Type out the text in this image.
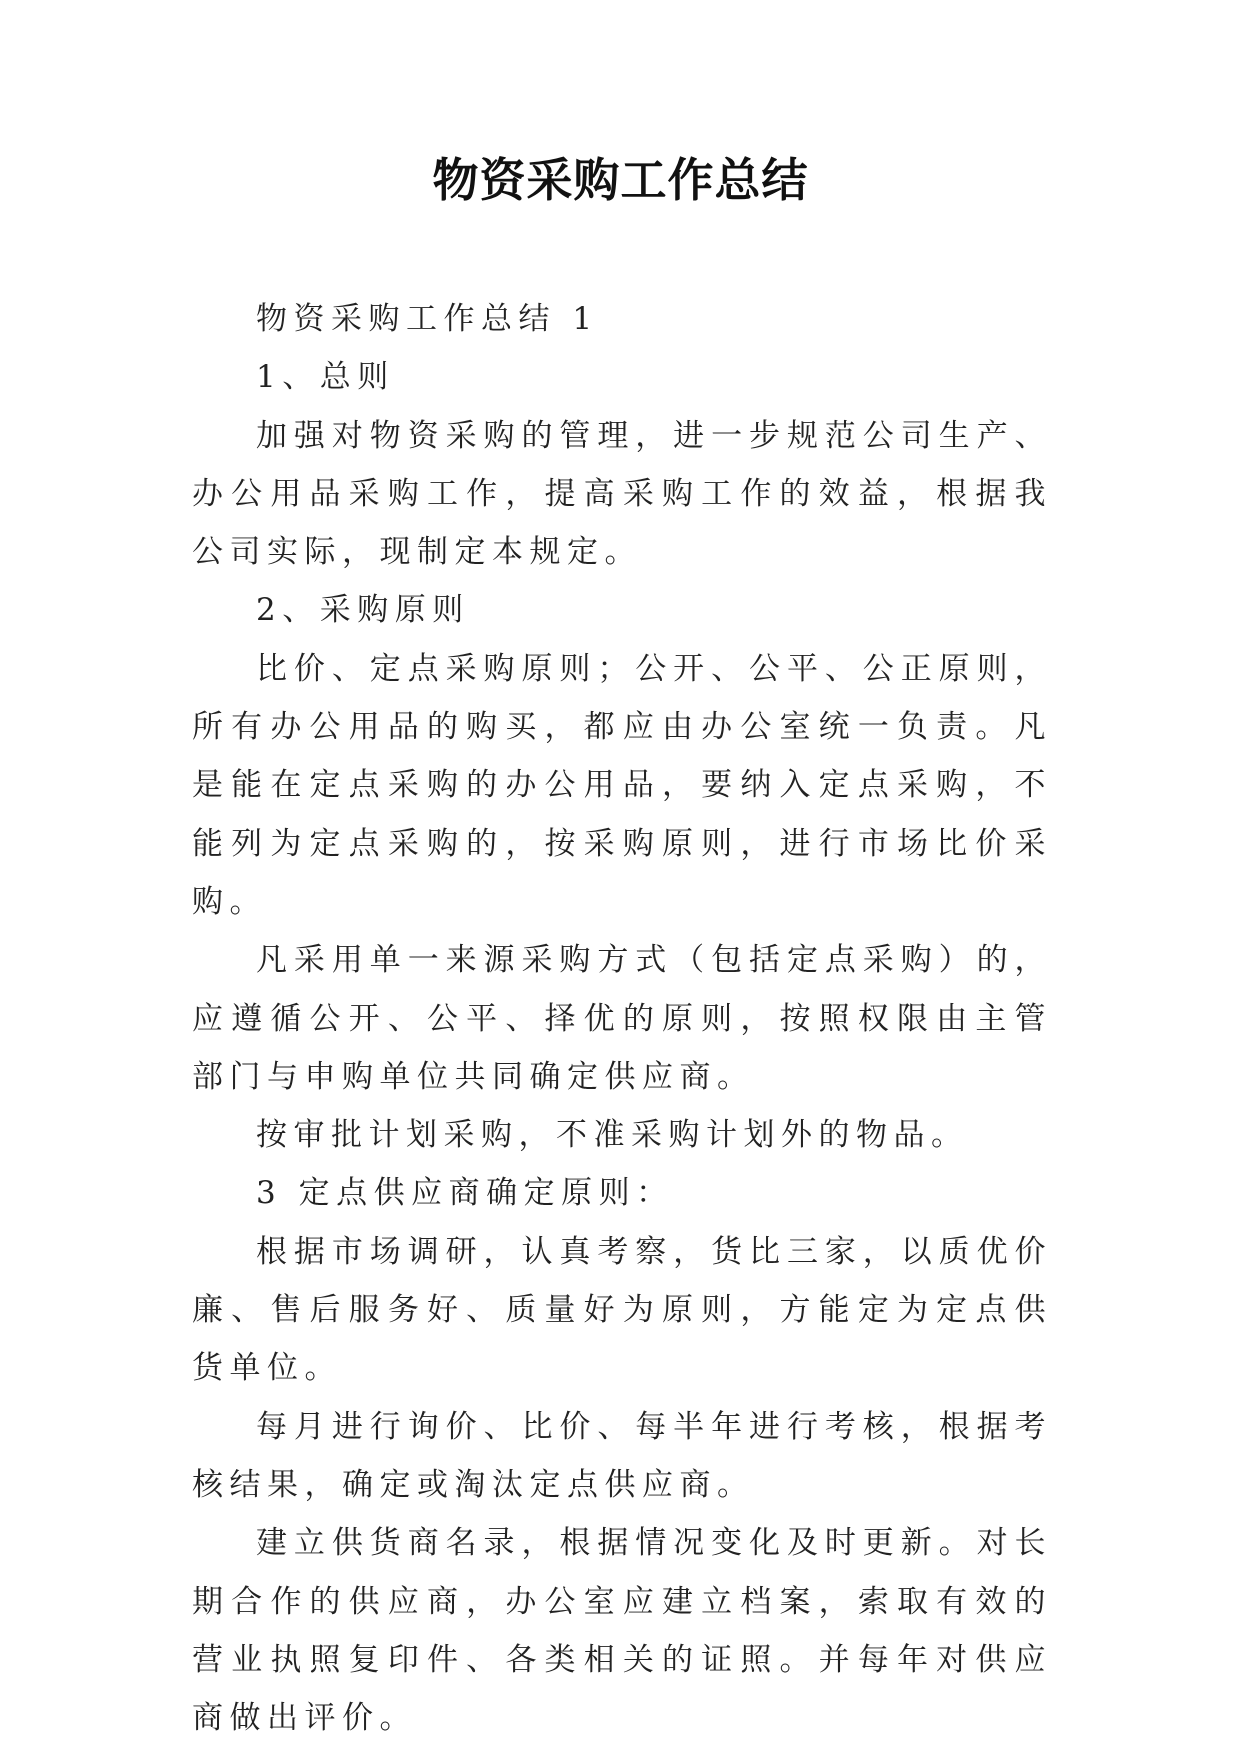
物资采购工作总结

物资采购工作总结 1

1、总则

加强对物资采购的管理，进一步规范公司生产、办公用品采购工作，提高采购工作的效益，根据我公司实际，现制定本规定。

2、采购原则

比价、定点采购原则；公开、公平、公正原则，所有办公用品的购买，都应由办公室统一负责。凡是能在定点采购的办公用品，要纳入定点采购，不能列为定点采购的，按采购原则，进行市场比价采购。

凡采用单一来源采购方式（包括定点采购）的，应遵循公开、公平、择优的原则，按照权限由主管部门与申购单位共同确定供应商。

按审批计划采购，不准采购计划外的物品。

3 定点供应商确定原则：

根据市场调研，认真考察，货比三家，以质优价廉、售后服务好、质量好为原则，方能定为定点供货单位。

每月进行询价、比价、每半年进行考核，根据考核结果，确定或淘汰定点供应商。

建立供货商名录，根据情况变化及时更新。对长期合作的供应商，办公室应建立档案，索取有效的营业执照复印件、各类相关的证照。并每年对供应商做出评价。
